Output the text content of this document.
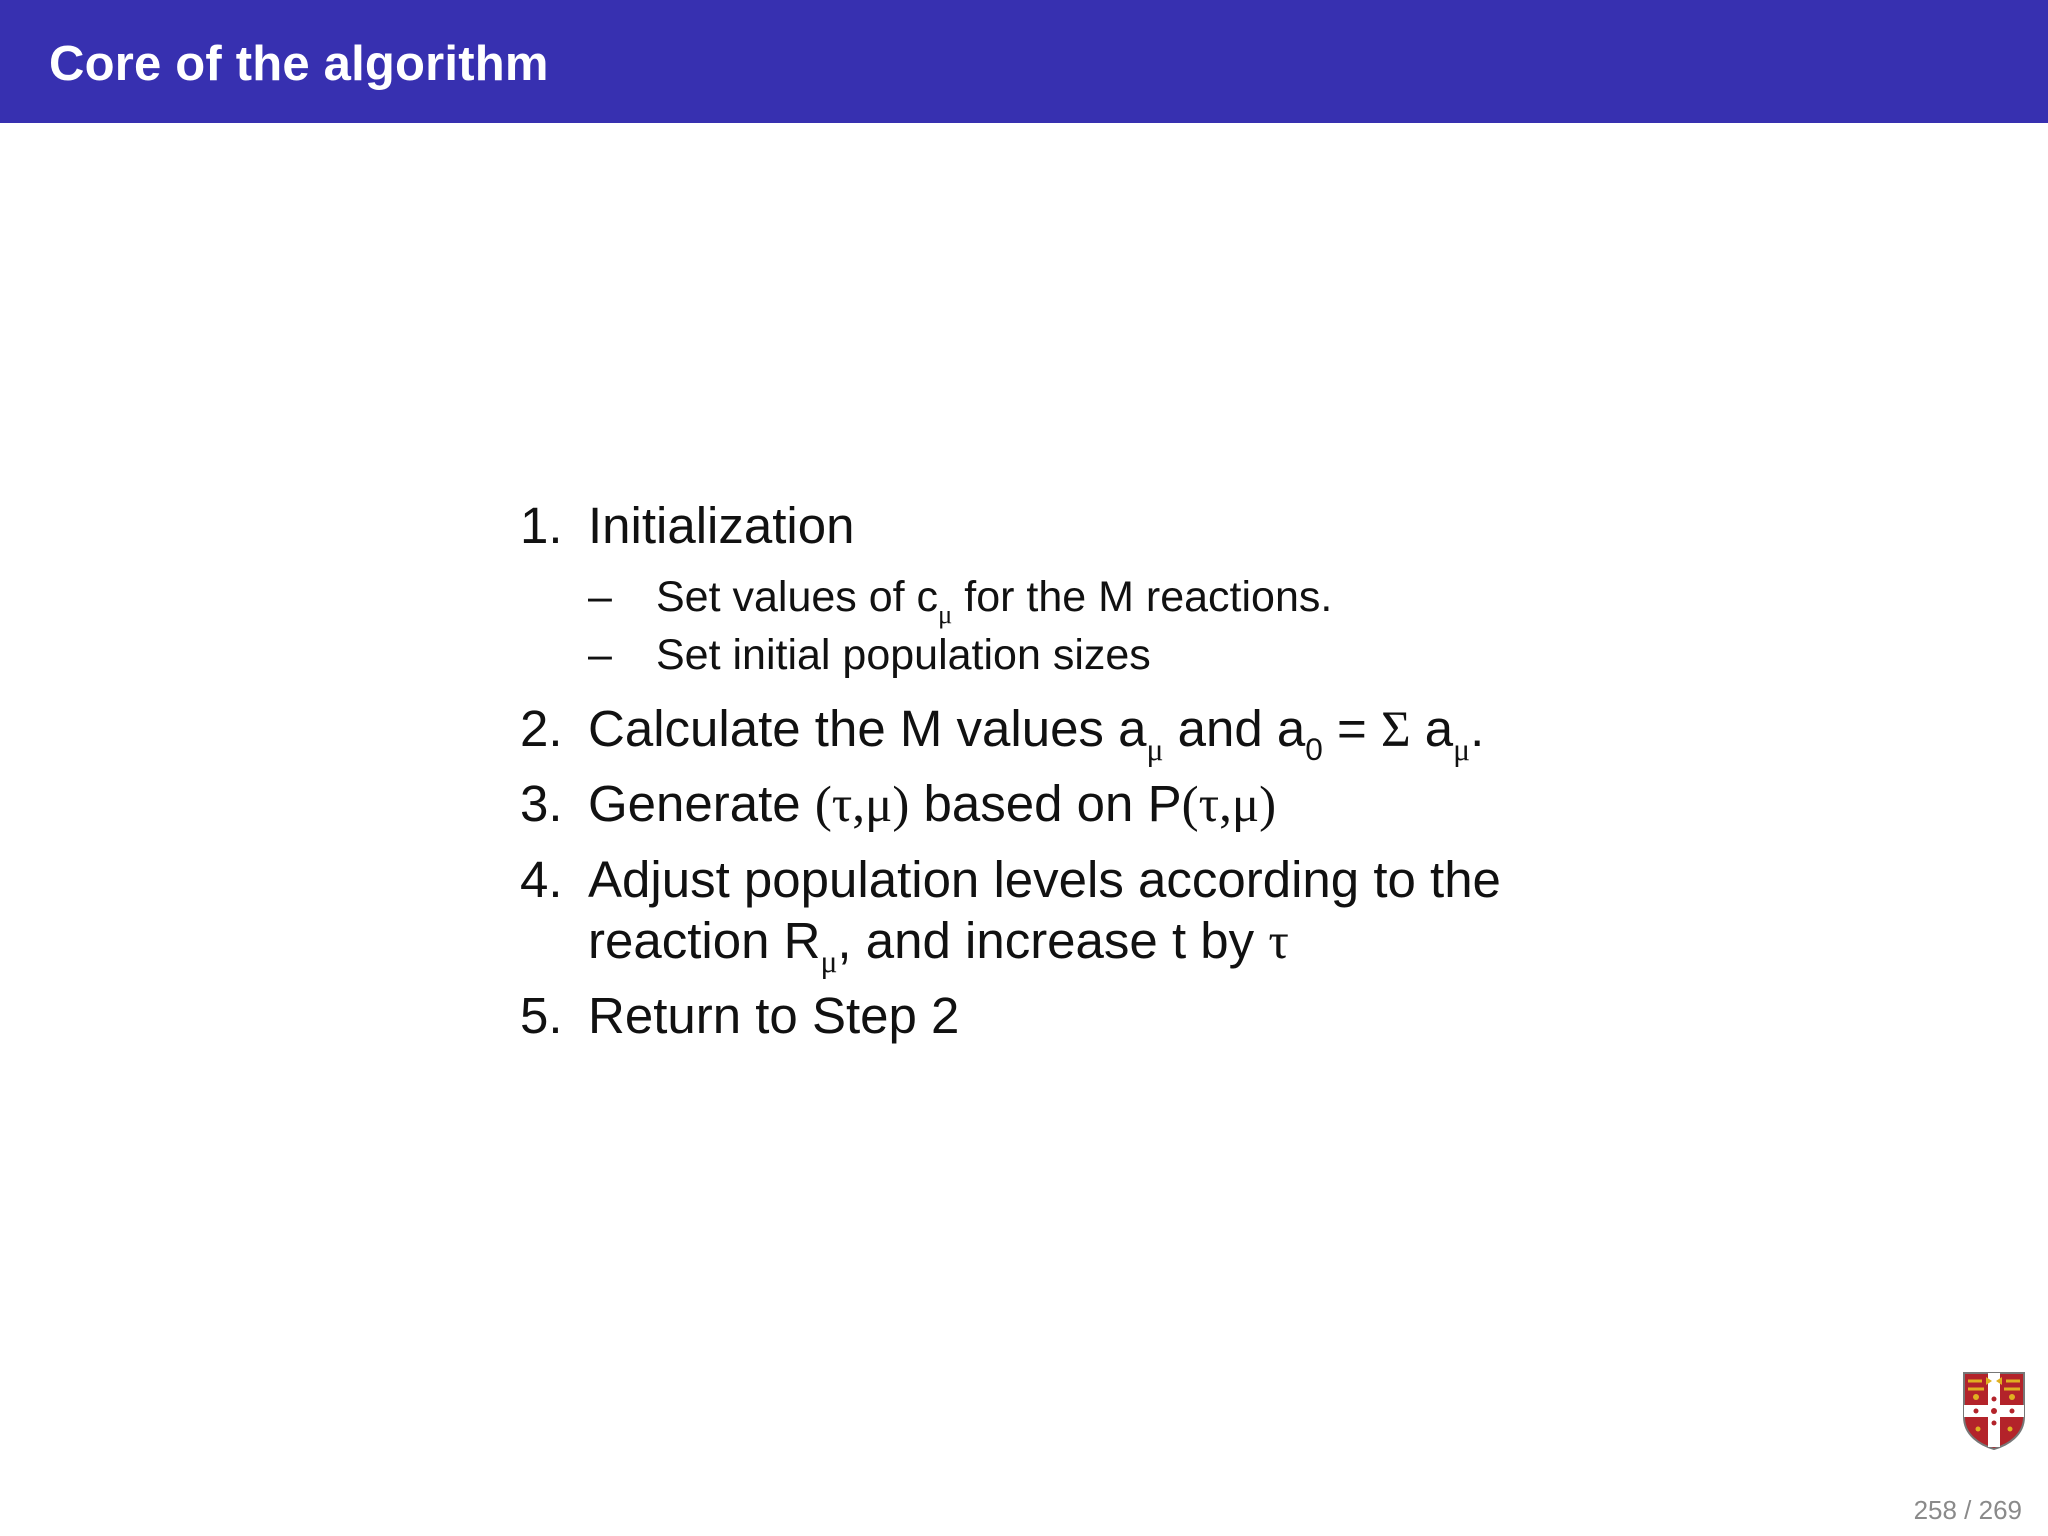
Core of the algorithm
1. Initialization
– Set values of $c_\mu$ for the M reactions.
– Set initial population sizes
2. Calculate the M values $a_\mu$ and $a_0 = \Sigma$ $a_\mu$.
3. Generate (τ,μ) based on P(τ,μ)
4. Adjust population levels according to the
reaction $R_\mu$, and increase t by τ
5. Return to Step 2
258 / 269
